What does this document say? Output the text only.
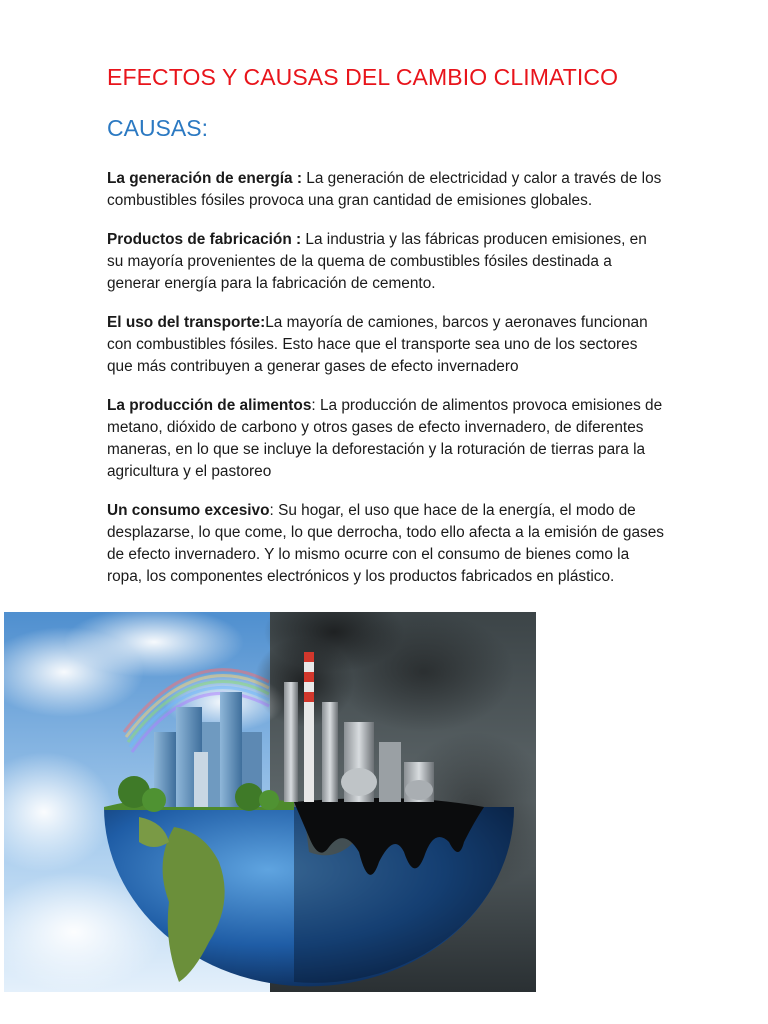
EFECTOS Y CAUSAS DEL CAMBIO CLIMATICO
CAUSAS:

La generación de energía : La generación de electricidad y calor a través de los combustibles fósiles provoca una gran cantidad de emisiones globales.

Productos de fabricación : La industria y las fábricas producen emisiones, en su mayoría provenientes de la quema de combustibles fósiles destinada a generar energía para la fabricación de cemento.

El uso del transporte:La mayoría de camiones, barcos y aeronaves funcionan con combustibles fósiles. Esto hace que el transporte sea uno de los sectores que más contribuyen a generar gases de efecto invernadero

La producción de alimentos: La producción de alimentos provoca emisiones de metano, dióxido de carbono y otros gases de efecto invernadero, de diferentes maneras, en lo que se incluye la deforestación y la roturación de tierras para la agricultura y el pastoreo

Un consumo excesivo: Su hogar, el uso que hace de la energía, el modo de desplazarse, lo que come, lo que derrocha, todo ello afecta a la emisión de gases de efecto invernadero. Y lo mismo ocurre con el consumo de bienes como la ropa, los componentes electrónicos y los productos fabricados en plástico.
